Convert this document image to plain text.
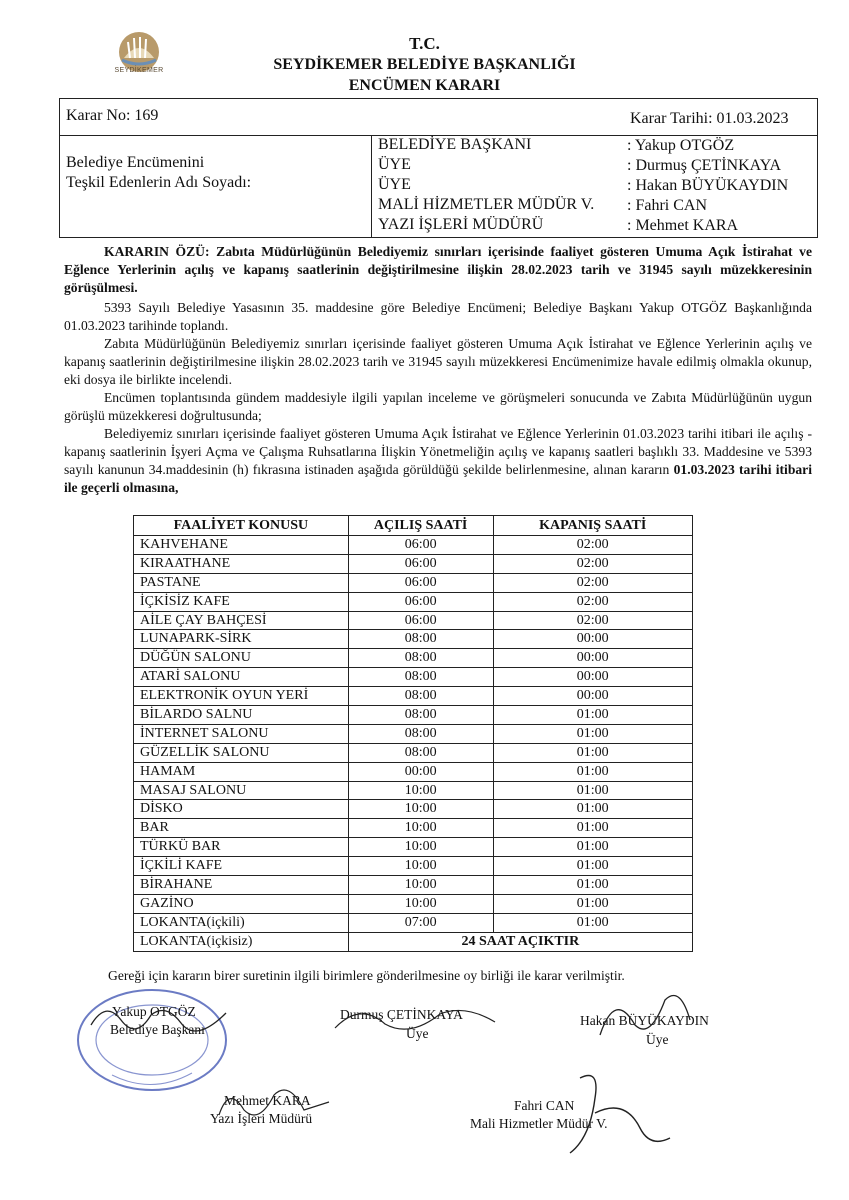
SEYDİKEMER
T.C.
SEYDİKEMER BELEDİYE BAŞKANLIĞI
ENCÜMEN KARARI
Karar No: 169	Karar Tarihi: 01.03.2023
Belediye Encümenini
Teşkil Edenlerin Adı Soyadı:
BELEDİYE BAŞKANI	: Yakup OTGÖZ
ÜYE	: Durmuş ÇETİNKAYA
ÜYE	: Hakan BÜYÜKAYDIN
MALİ HİZMETLER MÜDÜR V. : Fahri CAN
YAZI İŞLERİ MÜDÜRÜ	: Mehmet KARA
KARARIN ÖZÜ: Zabıta Müdürlüğünün Belediyemiz sınırları içerisinde faaliyet gösteren Umuma Açık İstirahat ve Eğlence Yerlerinin açılış ve kapanış saatlerinin değiştirilmesine ilişkin 28.02.2023 tarih ve 31945 sayılı müzekkeresinin görüşülmesi.
5393 Sayılı Belediye Yasasının 35. maddesine göre Belediye Encümeni; Belediye Başkanı Yakup OTGÖZ Başkanlığında 01.03.2023 tarihinde toplandı.
Zabıta Müdürlüğünün Belediyemiz sınırları içerisinde faaliyet gösteren Umuma Açık İstirahat ve Eğlence Yerlerinin açılış ve kapanış saatlerinin değiştirilmesine ilişkin 28.02.2023 tarih ve 31945 sayılı müzekkeresi Encümenimize havale edilmiş olmakla okunup, eki dosya ile birlikte incelendi.
Encümen toplantısında gündem maddesiyle ilgili yapılan inceleme ve görüşmeleri sonucunda ve Zabıta Müdürlüğünün uygun görüşlü müzekkeresi doğrultusunda;
Belediyemiz sınırları içerisinde faaliyet gösteren Umuma Açık İstirahat ve Eğlence Yerlerinin 01.03.2023 tarihi itibari ile açılış - kapanış saatlerinin İşyeri Açma ve Çalışma Ruhsatlarına İlişkin Yönetmeliğin açılış ve kapanış saatleri başlıklı 33. Maddesine ve 5393 sayılı kanunun 34.maddesinin (h) fıkrasına istinaden aşağıda görüldüğü şekilde belirlenmesine, alınan kararın 01.03.2023 tarihi itibari ile geçerli olmasına,
FAALİYET KONUSU	AÇILIŞ SAATİ	KAPANIŞ SAATİ
KAHVEHANE	06:00	02:00
KIRAATHANE	06:00	02:00
PASTANE	06:00	02:00
İÇKİSİZ KAFE	06:00	02:00
AİLE ÇAY BAHÇESİ	06:00	02:00
LUNAPARK-SİRK	08:00	00:00
DÜĞÜN SALONU	08:00	00:00
ATARİ SALONU	08:00	00:00
ELEKTRONİK OYUN YERİ	08:00	00:00
BİLARDO SALNU	08:00	01:00
İNTERNET SALONU	08:00	01:00
GÜZELLİK SALONU	08:00	01:00
HAMAM	00:00	01:00
MASAJ SALONU	10:00	01:00
DİSKO	10:00	01:00
BAR	10:00	01:00
TÜRKÜ BAR	10:00	01:00
İÇKİLİ KAFE	10:00	01:00
BİRAHANE	10:00	01:00
GAZİNO	10:00	01:00
LOKANTA(içkili)	07:00	01:00
LOKANTA(içkisiz)	24 SAAT AÇIKTIR	
Gereği için kararın birer suretinin ilgili birimlere gönderilmesine oy birliği ile karar verilmiştir.
Yakup OTGÖZ
Belediye Başkanı
Durmuş ÇETİNKAYA
Üye
Hakan BÜYÜKAYDIN
Üye
Mehmet KARA
Yazı İşleri Müdürü
Fahri CAN
Mali Hizmetler Müdür V.
